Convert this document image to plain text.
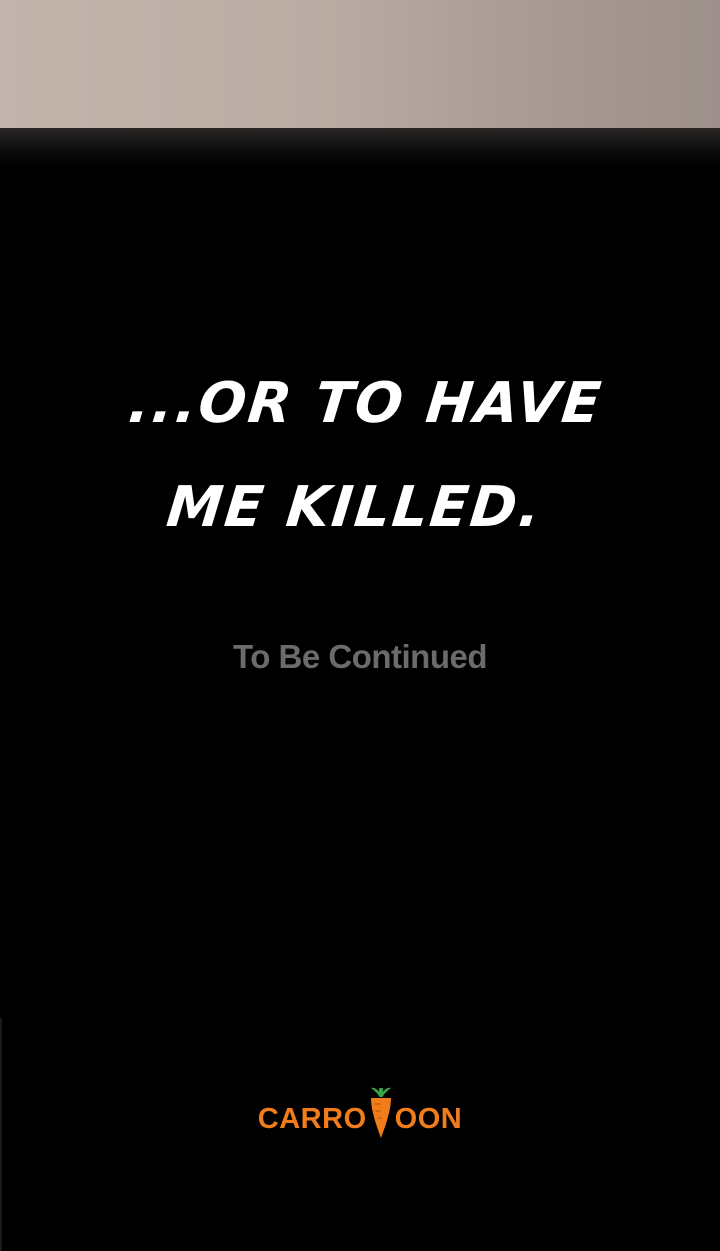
...OR TO HAVE
ME KILLED.
To Be Continued
CARRO OON
